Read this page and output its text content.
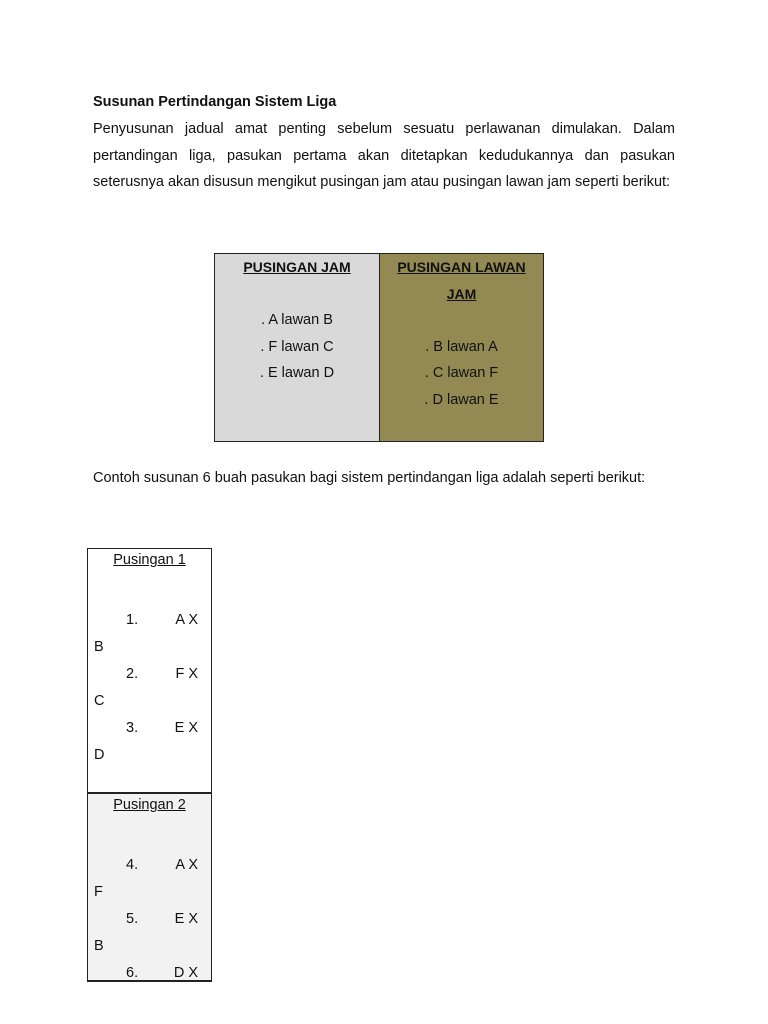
Susunan Pertindangan Sistem Liga
Penyusunan jadual amat penting sebelum sesuatu perlawanan dimulakan. Dalam pertandingan liga, pasukan pertama akan ditetapkan kedudukannya dan pasukan seterusnya akan disusun mengikut pusingan jam atau pusingan lawan jam seperti berikut:
PUSINGAN JAM
. A lawan B
. F lawan C
. E lawan D
PUSINGAN LAWAN
JAM
. B lawan A
. C lawan F
. D lawan E
Contoh susunan 6 buah pasukan bagi sistem pertindangan liga adalah seperti berikut:
Pusingan 1
1.	A X
B
2.	F X
C
3.	E X
D
Pusingan 2
4.	A X
F
5.	E X
B
6. D X
